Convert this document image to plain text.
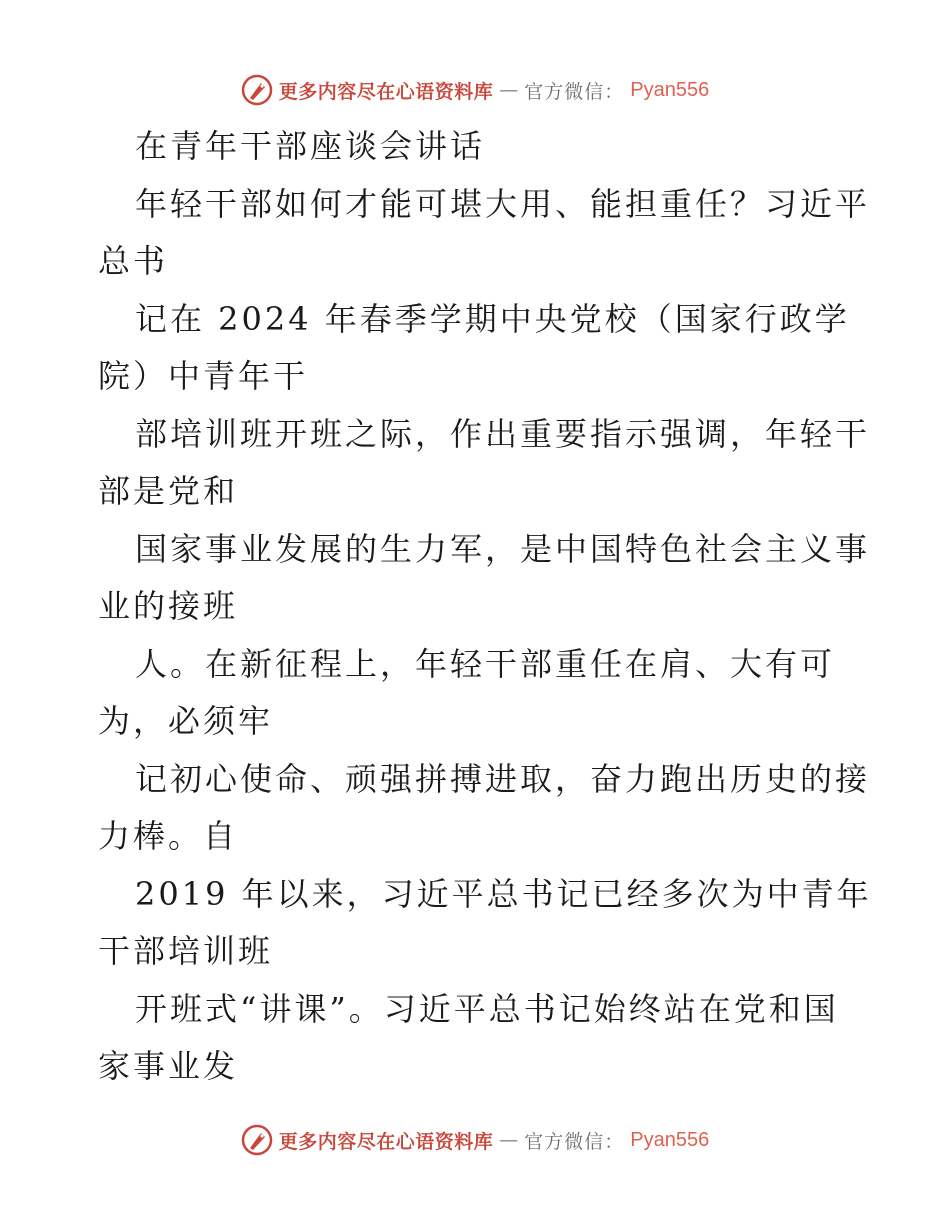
更多内容尽在心语资料库 — 官方微信： Pyan556
在青年干部座谈会讲话
年轻干部如何才能可堪大用、能担重任？习近平
总书
记在 2024 年春季学期中央党校（国家行政学
院）中青年干
部培训班开班之际，作出重要指示强调，年轻干
部是党和
国家事业发展的生力军，是中国特色社会主义事
业的接班
人。在新征程上，年轻干部重任在肩、大有可
为，必须牢
记初心使命、顽强拼搏进取，奋力跑出历史的接
力棒。自
2019 年以来，习近平总书记已经多次为中青年
干部培训班
开班式“讲课”。习近平总书记始终站在党和国
家事业发
更多内容尽在心语资料库 — 官方微信： Pyan556
